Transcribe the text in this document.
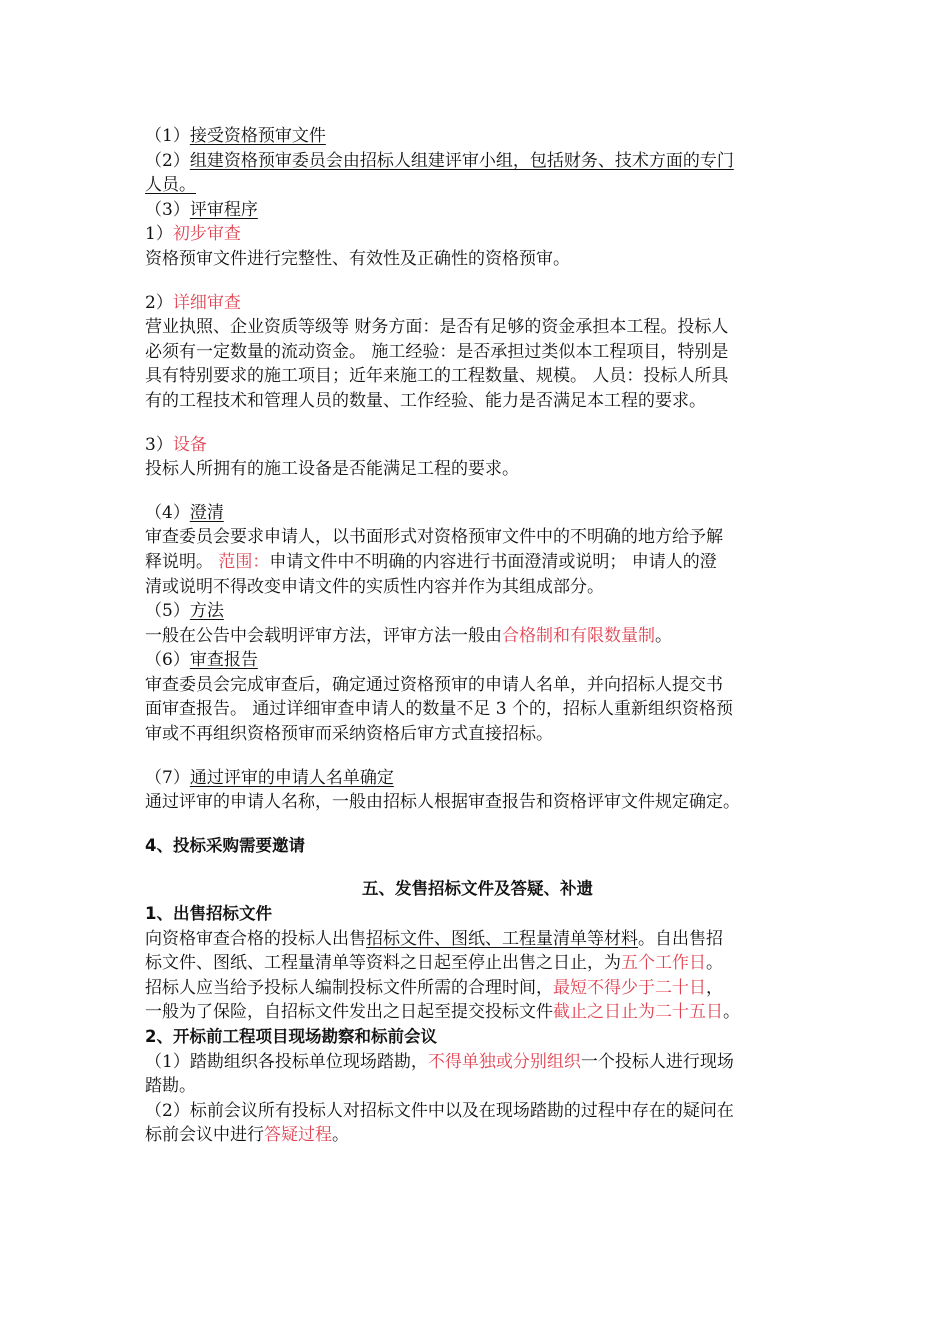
（1）接受资格预审文件
（2）组建资格预审委员会由招标人组建评审小组，包括财务、技术方面的专门
人员。
（3）评审程序
1）初步审查
资格预审文件进行完整性、有效性及正确性的资格预审。
2）详细审查
营业执照、企业资质等级等 财务方面：是否有足够的资金承担本工程。投标人
必须有一定数量的流动资金。 施工经验：是否承担过类似本工程项目，特别是
具有特别要求的施工项目；近年来施工的工程数量、规模。 人员：投标人所具
有的工程技术和管理人员的数量、工作经验、能力是否满足本工程的要求。
3）设备
投标人所拥有的施工设备是否能满足工程的要求。
（4）澄清
审查委员会要求申请人，以书面形式对资格预审文件中的不明确的地方给予解
释说明。 范围：申请文件中不明确的内容进行书面澄清或说明； 申请人的澄
清或说明不得改变申请文件的实质性内容并作为其组成部分。
（5）方法
一般在公告中会载明评审方法，评审方法一般由合格制和有限数量制。
（6）审查报告
审查委员会完成审查后，确定通过资格预审的申请人名单，并向招标人提交书
面审查报告。 通过详细审查申请人的数量不足 3 个的，招标人重新组织资格预
审或不再组织资格预审而采纳资格后审方式直接招标。
（7）通过评审的申请人名单确定
通过评审的申请人名称，一般由招标人根据审查报告和资格评审文件规定确定。
4、投标采购需要邀请
五、发售招标文件及答疑、补遗
1、出售招标文件
向资格审查合格的投标人出售招标文件、图纸、工程量清单等材料。自出售招
标文件、图纸、工程量清单等资料之日起至停止出售之日止，为五个工作日。
招标人应当给予投标人编制投标文件所需的合理时间，最短不得少于二十日，
一般为了保险，自招标文件发出之日起至提交投标文件截止之日止为二十五日。
2、开标前工程项目现场勘察和标前会议
（1）踏勘组织各投标单位现场踏勘，不得单独或分别组织一个投标人进行现场
踏勘。
（2）标前会议所有投标人对招标文件中以及在现场踏勘的过程中存在的疑问在
标前会议中进行答疑过程。
